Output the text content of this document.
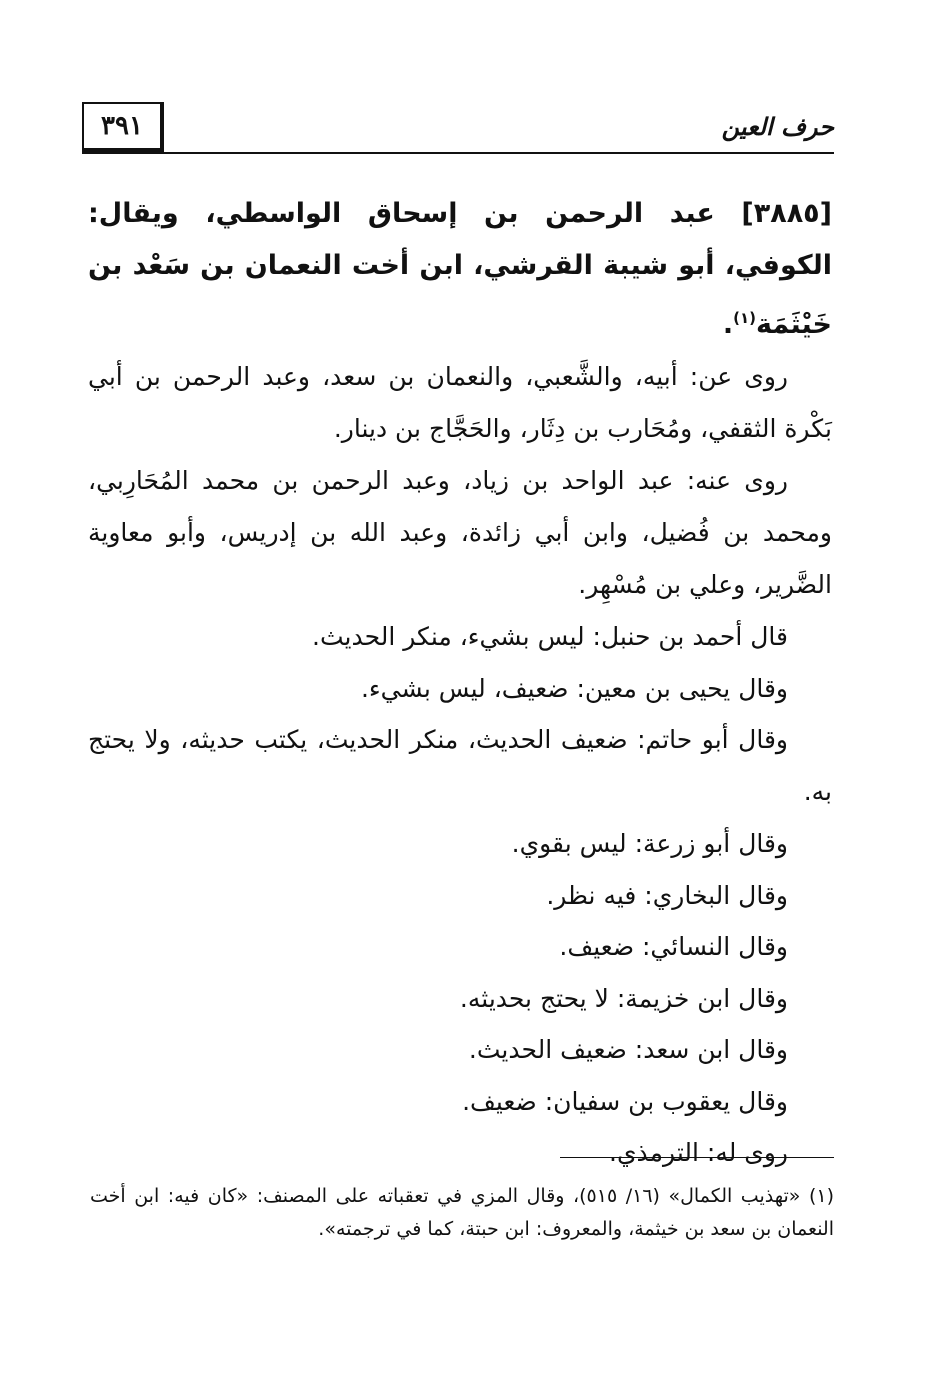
٣٩١	حرف العين

[٣٨٨٥] عبد الرحمن بن إسحاق الواسطي، ويقال: الكوفي، أبو شيبة القرشي، ابن أخت النعمان بن سَعْد بن خَيْثَمَة$^{(١)}$.

روى عن: أبيه، والشَّعبي، والنعمان بن سعد، وعبد الرحمن بن أبي بَكْرة الثقفي، ومُحَارب بن دِثَار، والحَجَّاج بن دينار.

روى عنه: عبد الواحد بن زياد، وعبد الرحمن بن محمد المُحَارِبي، ومحمد بن فُضيل، وابن أبي زائدة، وعبد الله بن إدريس، وأبو معاوية الضَّرير، وعلي بن مُسْهِر.

قال أحمد بن حنبل: ليس بشيء، منكر الحديث.

وقال يحيى بن معين: ضعيف، ليس بشيء.

وقال أبو حاتم: ضعيف الحديث، منكر الحديث، يكتب حديثه، ولا يحتج به.

وقال أبو زرعة: ليس بقوي.

وقال البخاري: فيه نظر.

وقال النسائي: ضعيف.

وقال ابن خزيمة: لا يحتج بحديثه.

وقال ابن سعد: ضعيف الحديث.

وقال يعقوب بن سفيان: ضعيف.

روى له: الترمذي.

(١) «تهذيب الكمال» (١٦/ ٥١٥)، وقال المزي في تعقباته على المصنف: «كان فيه: ابن أخت النعمان بن سعد بن خيثمة، والمعروف: ابن حبتة، كما في ترجمته».
